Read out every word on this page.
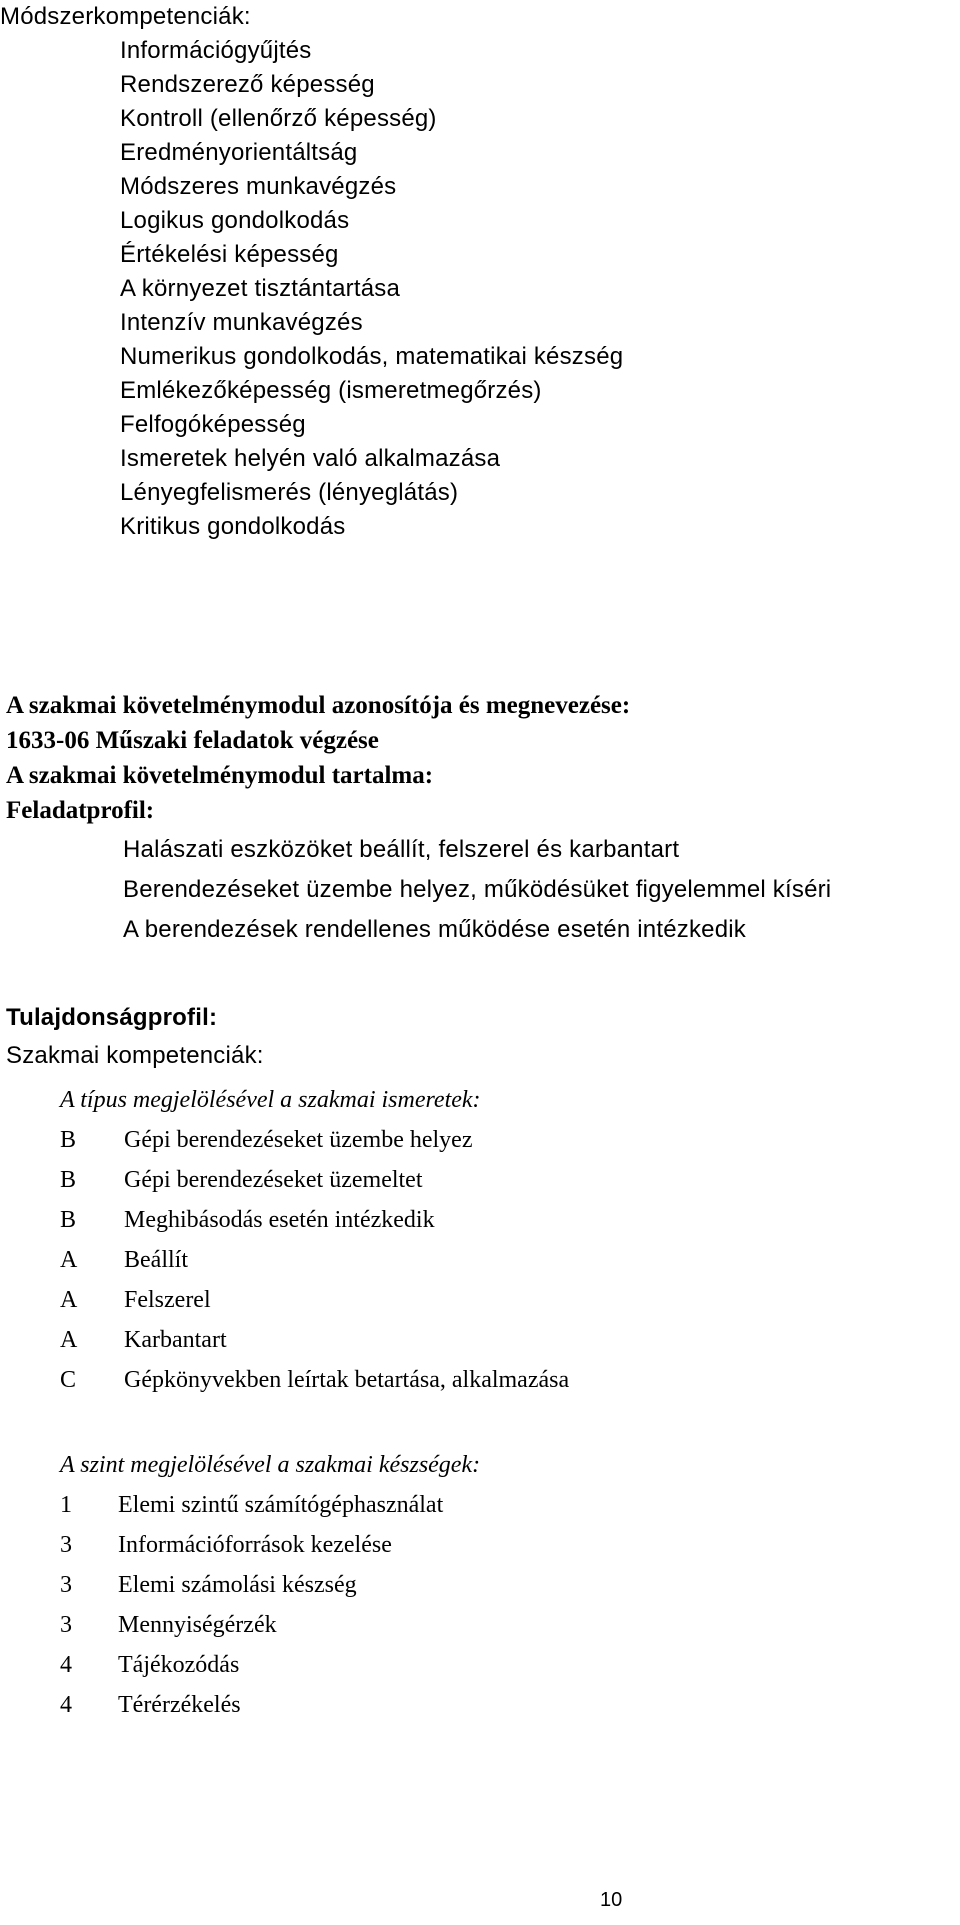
Módszerkompetenciák:
Információgyűjtés
Rendszerező képesség
Kontroll (ellenőrző képesség)
Eredményorientáltság
Módszeres munkavégzés
Logikus gondolkodás
Értékelési képesség
A környezet tisztántartása
Intenzív munkavégzés
Numerikus gondolkodás, matematikai készség
Emlékezőképesség (ismeretmegőrzés)
Felfogóképesség
Ismeretek helyén való alkalmazása
Lényegfelismerés (lényeglátás)
Kritikus gondolkodás
A szakmai követelménymodul azonosítója és megnevezése:
1633-06 Műszaki feladatok végzése
A szakmai követelménymodul tartalma:
Feladatprofil:
Halászati eszközöket beállít, felszerel és karbantart
Berendezéseket üzembe helyez, működésüket figyelemmel kíséri
A berendezések rendellenes működése esetén intézkedik
Tulajdonságprofil:
Szakmai kompetenciák:
A típus megjelölésével a szakmai ismeretek:
B	Gépi berendezéseket üzembe helyez
B	Gépi berendezéseket üzemeltet
B	Meghibásodás esetén intézkedik
A	Beállít
A	Felszerel
A	Karbantart
C	Gépkönyvekben leírtak betartása, alkalmazása
A szint megjelölésével a szakmai készségek:
1	Elemi szintű számítógéphasználat
3	Információforrások kezelése
3	Elemi számolási készség
3	Mennyiségérzék
4	Tájékozódás
4	Térérzékelés
10
